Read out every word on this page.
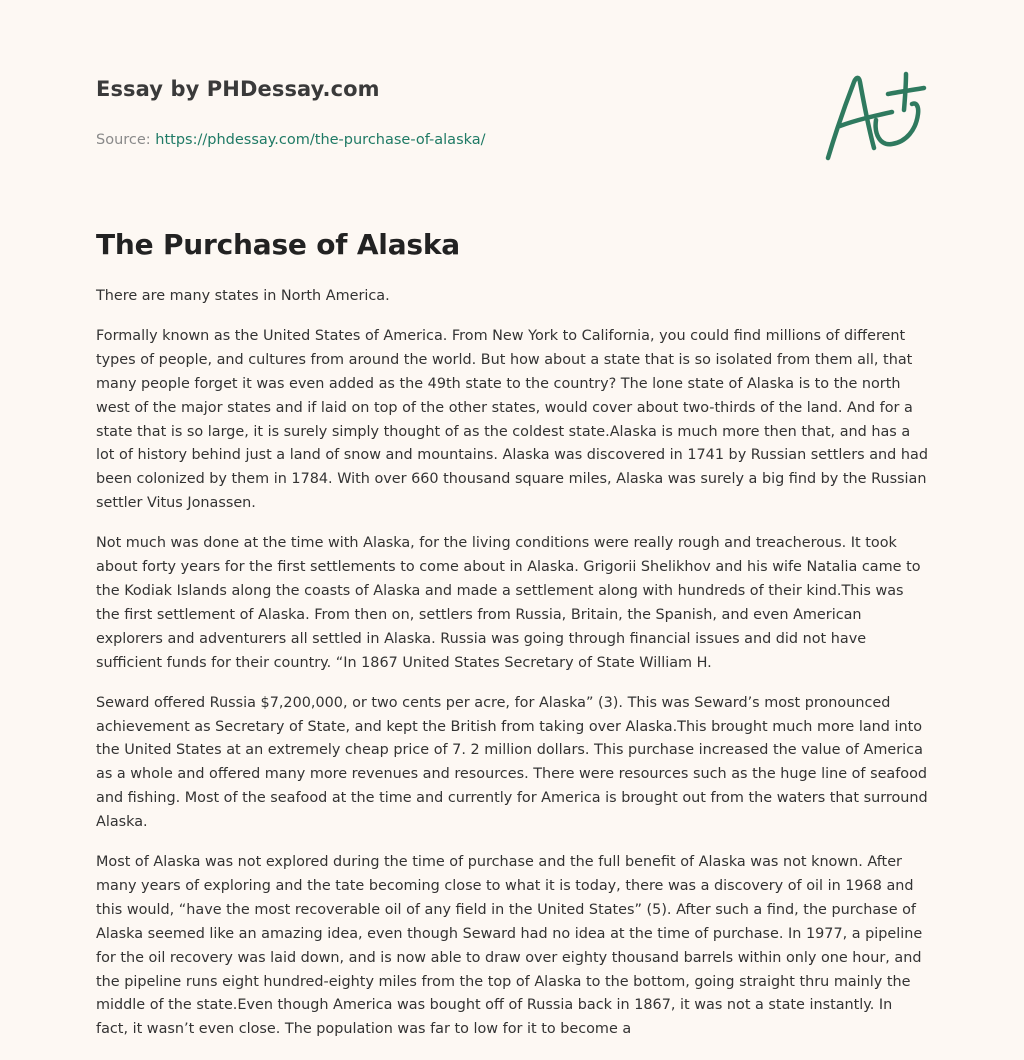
Essay by PHDessay.com
Source: https://phdessay.com/the-purchase-of-alaska/
The Purchase of Alaska

There are many states in North America.

Formally known as the United States of America. From New York to California, you could find millions of different types of people, and cultures from around the world. But how about a state that is so isolated from them all, that many people forget it was even added as the 49th state to the country? The lone state of Alaska is to the north west of the major states and if laid on top of the other states, would cover about two-thirds of the land. And for a state that is so large, it is surely simply thought of as the coldest state.Alaska is much more then that, and has a lot of history behind just a land of snow and mountains. Alaska was discovered in 1741 by Russian settlers and had been colonized by them in 1784. With over 660 thousand square miles, Alaska was surely a big find by the Russian settler Vitus Jonassen.

Not much was done at the time with Alaska, for the living conditions were really rough and treacherous. It took about forty years for the first settlements to come about in Alaska. Grigorii Shelikhov and his wife Natalia came to the Kodiak Islands along the coasts of Alaska and made a settlement along with hundreds of their kind.This was the first settlement of Alaska. From then on, settlers from Russia, Britain, the Spanish, and even American explorers and adventurers all settled in Alaska. Russia was going through financial issues and did not have sufficient funds for their country. “In 1867 United States Secretary of State William H.

Seward offered Russia $7,200,000, or two cents per acre, for Alaska” (3). This was Seward’s most pronounced achievement as Secretary of State, and kept the British from taking over Alaska.This brought much more land into the United States at an extremely cheap price of 7. 2 million dollars. This purchase increased the value of America as a whole and offered many more revenues and resources. There were resources such as the huge line of seafood and fishing. Most of the seafood at the time and currently for America is brought out from the waters that surround Alaska.

Most of Alaska was not explored during the time of purchase and the full benefit of Alaska was not known. After many years of exploring and the tate becoming close to what it is today, there was a discovery of oil in 1968 and this would, “have the most recoverable oil of any field in the United States” (5). After such a find, the purchase of Alaska seemed like an amazing idea, even though Seward had no idea at the time of purchase. In 1977, a pipeline for the oil recovery was laid down, and is now able to draw over eighty thousand barrels within only one hour, and the pipeline runs eight hundred-eighty miles from the top of Alaska to the bottom, going straight thru mainly the middle of the state.Even though America was bought off of Russia back in 1867, it was not a state instantly. In fact, it wasn’t even close. The population was far to low for it to become a
